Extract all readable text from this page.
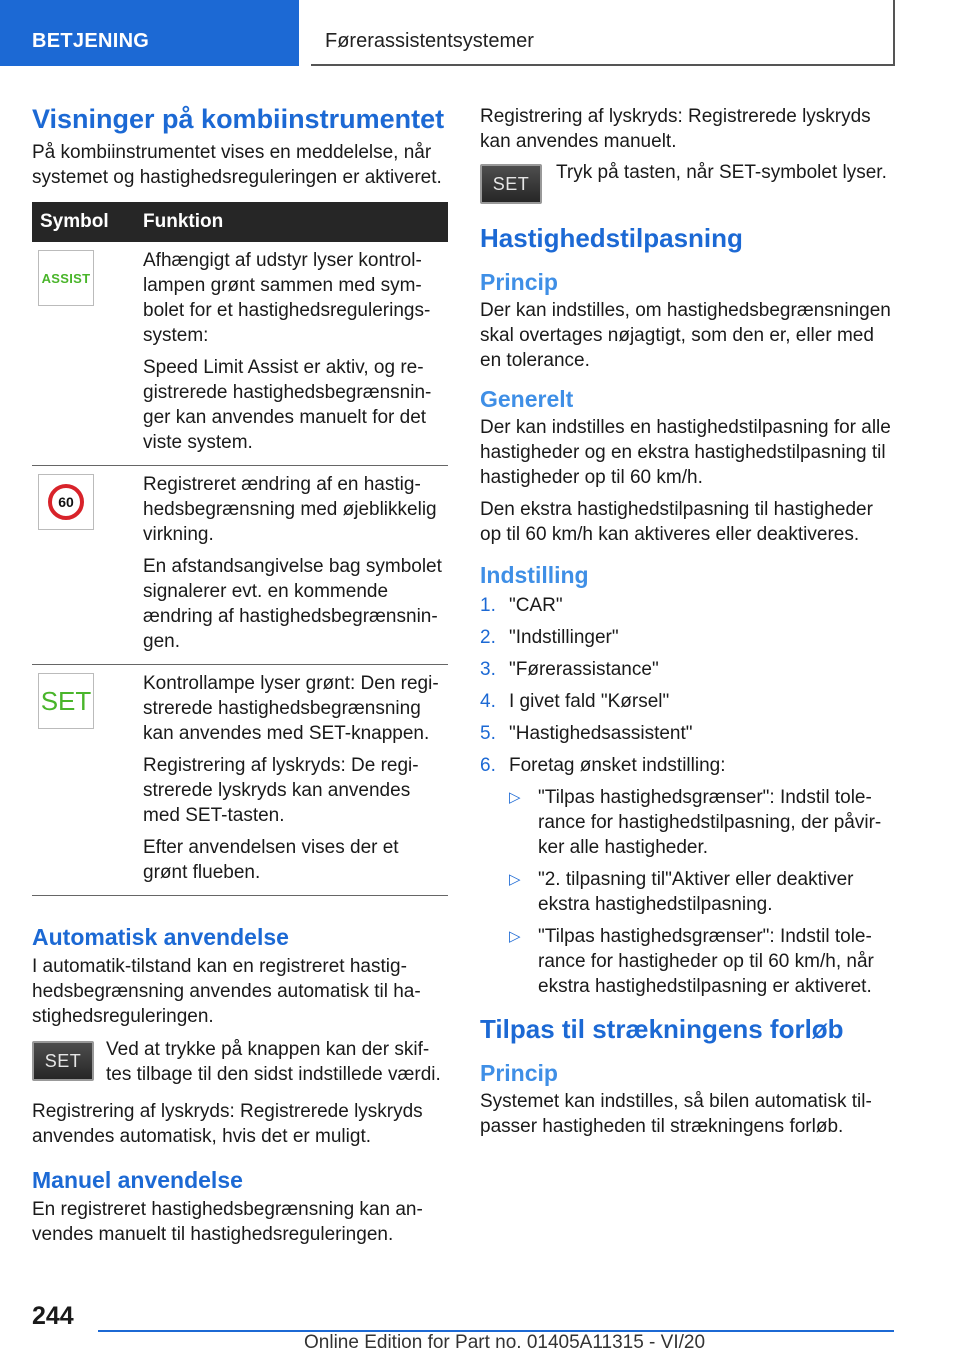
BETJENING	Førerassistentsystemer
Visninger på kombiinstrumentet

På kombiinstrumentet vises en meddelelse, når systemet og hastighedsreguleringen er aktiveret.

Symbol Funktion
ASSIST

Afhængigt af udstyr lyser kontrollampen grønt sammen med symbolet for et hastighedsreguleringssystem:

Speed Limit Assist er aktiv, og registrerede hastighedsbegrænsninger kan anvendes manuelt for det viste system.

60

Registreret ændring af en hastighedsbegrænsning med øjeblikkelig virkning.

En afstandsangivelse bag symbolet signalerer evt. en kommende ændring af hastighedsbegrænsningen.

SET

Kontrollampe lyser grønt: Den registrerede hastighedsbegrænsning kan anvendes med SET-knappen.

Registrering af lyskryds: De registrerede lyskryds kan anvendes med SET-tasten.

Efter anvendelsen vises der et grønt flueben.

Automatisk anvendelse

I automatik-tilstand kan en registreret hastighedsbegrænsning anvendes automatisk til hastighedsreguleringen.

SET

Ved at trykke på knappen kan der skiftes tilbage til den sidst indstillede værdi.

Registrering af lyskryds: Registrerede lyskryds anvendes automatisk, hvis det er muligt.

Manuel anvendelse

En registreret hastighedsbegrænsning kan anvendes manuelt til hastighedsreguleringen.

Registrering af lyskryds: Registrerede lyskryds kan anvendes manuelt.

SET

Tryk på tasten, når SET-symbolet lyser.

Hastighedstilpasning
Princip

Der kan indstilles, om hastighedsbegrænsningen skal overtages nøjagtigt, som den er, eller med en tolerance.

Generelt

Der kan indstilles en hastighedstilpasning for alle hastigheder og en ekstra hastighedstilpasning til hastigheder op til 60 km/h.

Den ekstra hastighedstilpasning til hastigheder op til 60 km/h kan aktiveres eller deaktiveres.

Indstilling
1. "CAR"
2. "Indstillinger"
3. "Førerassistance"
4. I givet fald "Kørsel"
5. "Hastighedsassistent"
6. Foretag ønsket indstilling:
▷ "Tilpas hastighedsgrænser": Indstil tolerance for hastighedstilpasning, der påvirker alle hastigheder.
▷ "2. tilpasning til"Aktiver eller deaktiver ekstra hastighedstilpasning.
▷ "Tilpas hastighedsgrænser": Indstil tolerance for hastigheder op til 60 km/h, når ekstra hastighedstilpasning er aktiveret.
Tilpas til strækningens forløb
Princip

Systemet kan indstilles, så bilen automatisk tilpasser hastigheden til strækningens forløb.

244
Online Edition for Part no. 01405A11315 - VI/20
